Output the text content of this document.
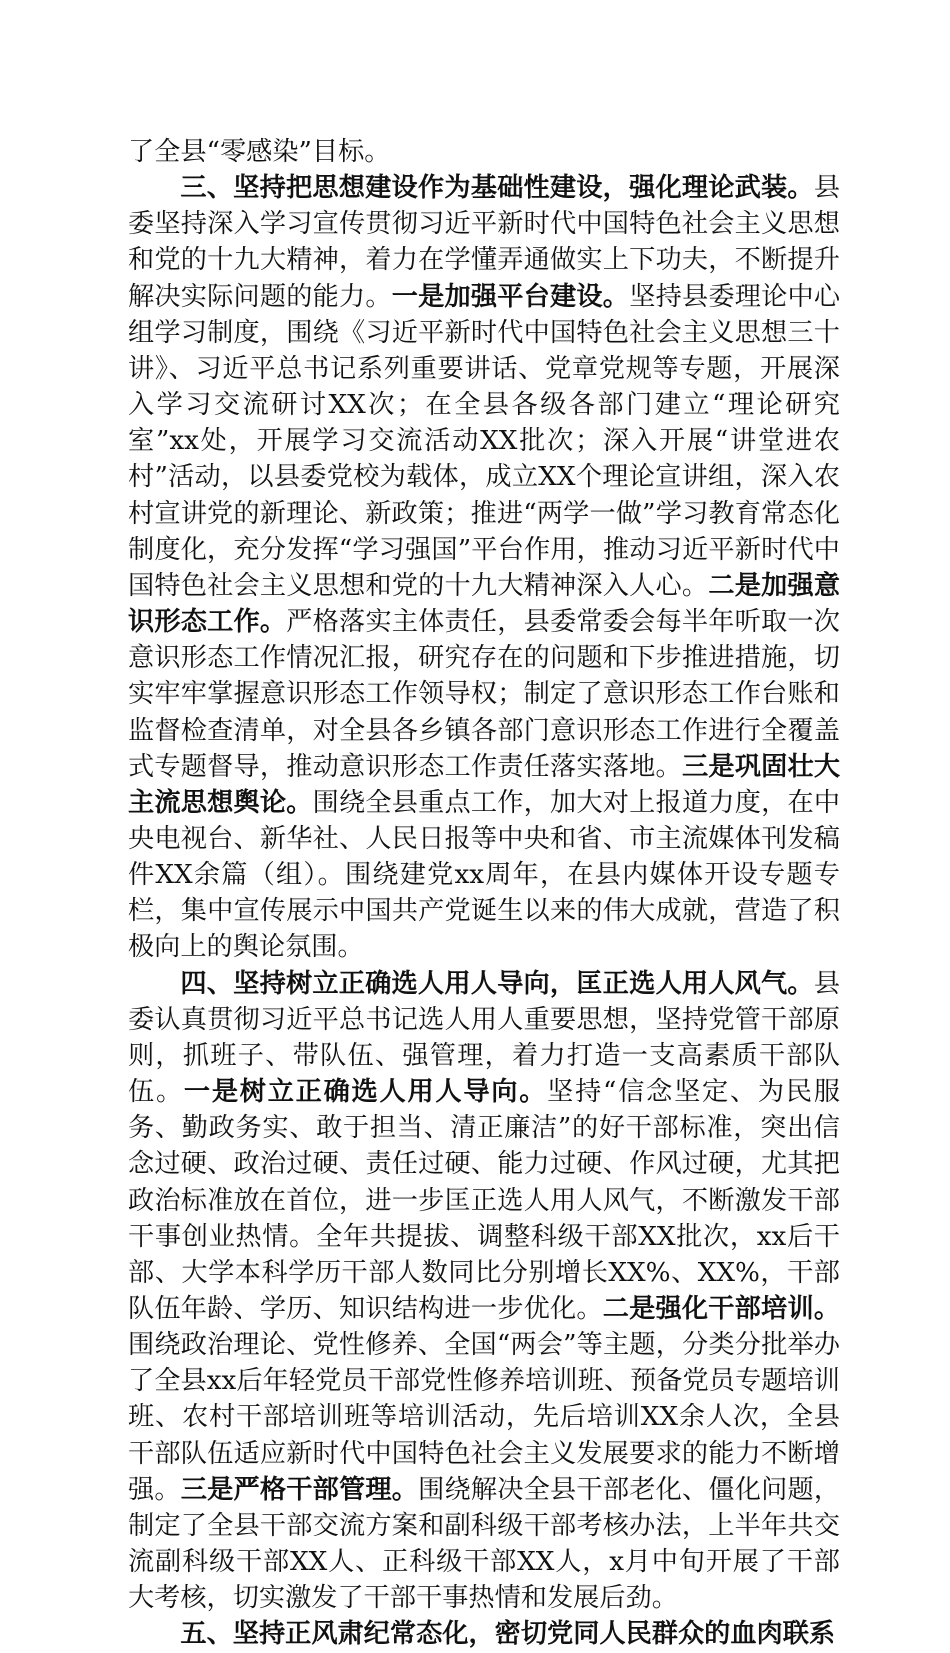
了全县“零感染”目标。

三、坚持把思想建设作为基础性建设，强化理论武装。县委坚持深入学习宣传贯彻习近平新时代中国特色社会主义思想和党的十九大精神，着力在学懂弄通做实上下功夫，不断提升解决实际问题的能力。一是加强平台建设。坚持县委理论中心组学习制度，围绕《习近平新时代中国特色社会主义思想三十讲》、习近平总书记系列重要讲话、党章党规等专题，开展深入学习交流研讨XX次；在全县各级各部门建立“理论研究室”xx处，开展学习交流活动XX批次；深入开展“讲堂进农村”活动，以县委党校为载体，成立XX个理论宣讲组，深入农村宣讲党的新理论、新政策；推进“两学一做”学习教育常态化制度化，充分发挥“学习强国”平台作用，推动习近平新时代中国特色社会主义思想和党的十九大精神深入人心。二是加强意识形态工作。严格落实主体责任，县委常委会每半年听取一次意识形态工作情况汇报，研究存在的问题和下步推进措施，切实牢牢掌握意识形态工作领导权；制定了意识形态工作台账和监督检查清单，对全县各乡镇各部门意识形态工作进行全覆盖式专题督导，推动意识形态工作责任落实落地。三是巩固壮大主流思想舆论。围绕全县重点工作，加大对上报道力度，在中央电视台、新华社、人民日报等中央和省、市主流媒体刊发稿件XX余篇（组）。围绕建党xx周年，在县内媒体开设专题专栏，集中宣传展示中国共产党诞生以来的伟大成就，营造了积极向上的舆论氛围。

四、坚持树立正确选人用人导向，匡正选人用人风气。县委认真贯彻习近平总书记选人用人重要思想，坚持党管干部原则，抓班子、带队伍、强管理，着力打造一支高素质干部队伍。一是树立正确选人用人导向。坚持“信念坚定、为民服务、勤政务实、敢于担当、清正廉洁”的好干部标准，突出信念过硬、政治过硬、责任过硬、能力过硬、作风过硬，尤其把政治标准放在首位，进一步匡正选人用人风气，不断激发干部干事创业热情。全年共提拔、调整科级干部XX批次，xx后干部、大学本科学历干部人数同比分别增长XX%、XX%，干部队伍年龄、学历、知识结构进一步优化。二是强化干部培训。围绕政治理论、党性修养、全国“两会”等主题，分类分批举办了全县xx后年轻党员干部党性修养培训班、预备党员专题培训班、农村干部培训班等培训活动，先后培训XX余人次，全县干部队伍适应新时代中国特色社会主义发展要求的能力不断增强。三是严格干部管理。围绕解决全县干部老化、僵化问题，制定了全县干部交流方案和副科级干部考核办法，上半年共交流副科级干部XX人、正科级干部XX人，x月中旬开展了干部大考核，切实激发了干部干事热情和发展后劲。

五、坚持正风肃纪常态化，密切党同人民群众的血肉联系
